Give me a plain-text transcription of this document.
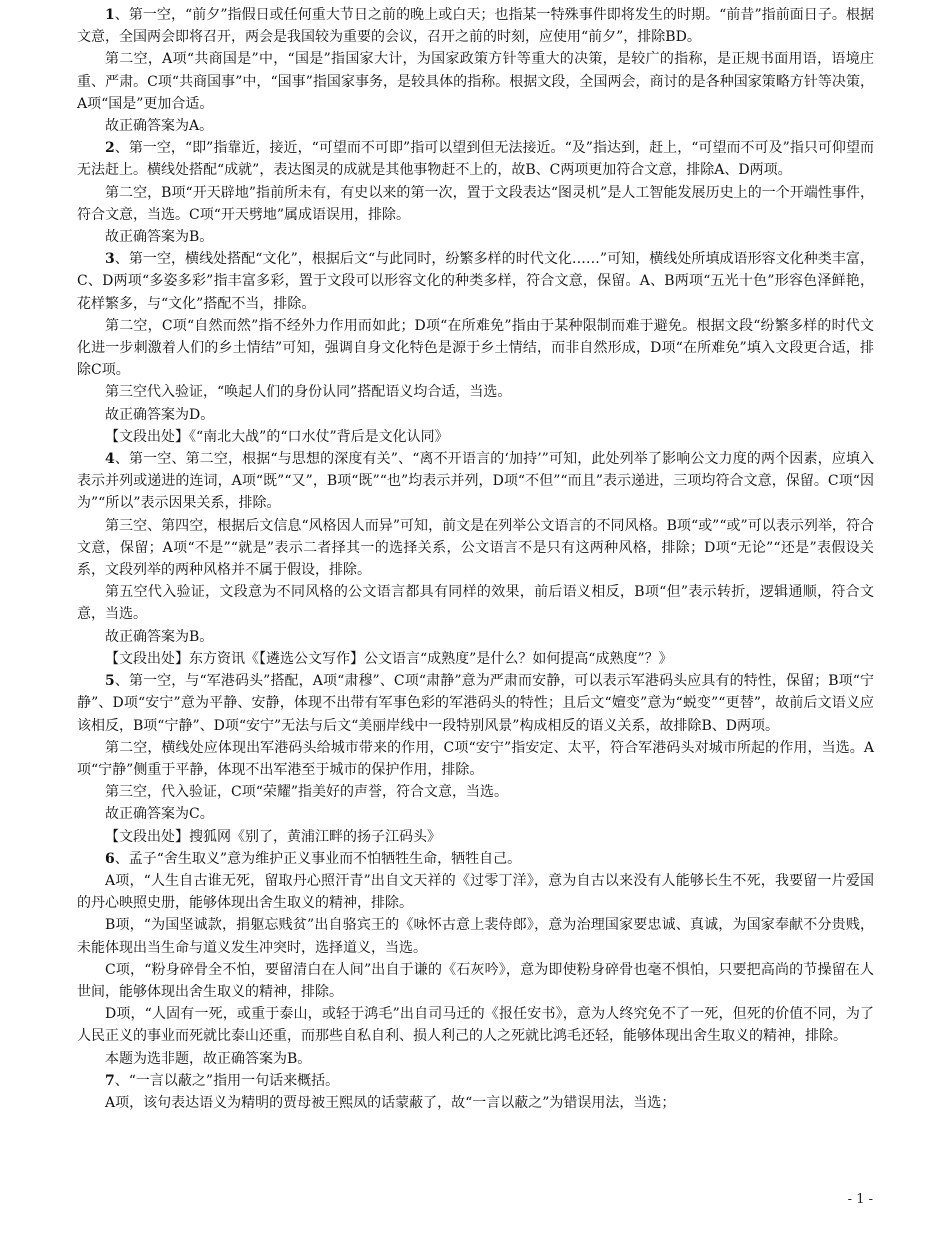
1、第一空，“前夕”指假日或任何重大节日之前的晚上或白天；也指某一特殊事件即将发生的时期。“前昔”指前面日子。根据文意，全国两会即将召开，两会是我国较为重要的会议，召开之前的时刻，应使用“前夕”，排除BD。

第二空，A项“共商国是”中，“国是”指国家大计，为国家政策方针等重大的决策，是较广的指称，是正规书面用语，语境庄重、严肃。C项“共商国事”中，“国事”指国家事务，是较具体的指称。根据文段，全国两会，商讨的是各种国家策略方针等决策，A项“国是”更加合适。

故正确答案为A。

2、第一空，“即”指靠近，接近，“可望而不可即”指可以望到但无法接近。“及”指达到，赶上，“可望而不可及”指只可仰望而无法赶上。横线处搭配“成就”，表达图灵的成就是其他事物赶不上的，故B、C两项更加符合文意，排除A、D两项。

第二空，B项“开天辟地”指前所未有，有史以来的第一次，置于文段表达“图灵机”是人工智能发展历史上的一个开端性事件，符合文意，当选。C项“开天劈地”属成语误用，排除。

故正确答案为B。

3、第一空，横线处搭配“文化”，根据后文“与此同时，纷繁多样的时代文化……”可知，横线处所填成语形容文化种类丰富，C、D两项“多姿多彩”指丰富多彩，置于文段可以形容文化的种类多样，符合文意，保留。A、B两项“五光十色”形容色泽鲜艳，花样繁多，与“文化”搭配不当，排除。

第二空，C项“自然而然”指不经外力作用而如此；D项“在所难免”指由于某种限制而难于避免。根据文段“纷繁多样的时代文化进一步刺激着人们的乡土情结”可知，强调自身文化特色是源于乡土情结，而非自然形成，D项“在所难免”填入文段更合适，排除C项。

第三空代入验证，“唤起人们的身份认同”搭配语义均合适，当选。

故正确答案为D。

【文段出处】《“南北大战”的“口水仗”背后是文化认同》

4、第一空、第二空，根据“与思想的深度有关”、“离不开语言的‘加持’”可知，此处列举了影响公文力度的两个因素，应填入表示并列或递进的连词，A项“既”“又”，B项“既”“也”均表示并列，D项“不但”“而且”表示递进，三项均符合文意，保留。C项“因为”“所以”表示因果关系，排除。

第三空、第四空，根据后文信息“风格因人而异”可知，前文是在列举公文语言的不同风格。B项“或”“或”可以表示列举，符合文意，保留；A项“不是”“就是”表示二者择其一的选择关系，公文语言不是只有这两种风格，排除；D项“无论”“还是”表假设关系，文段列举的两种风格并不属于假设，排除。

第五空代入验证，文段意为不同风格的公文语言都具有同样的效果，前后语义相反，B项“但”表示转折，逻辑通顺，符合文意，当选。

故正确答案为B。

【文段出处】东方资讯《【遴选公文写作】公文语言“成熟度”是什么？如何提高“成熟度”？》

5、第一空，与“军港码头”搭配，A项“肃穆”、C项“肃静”意为严肃而安静，可以表示军港码头应具有的特性，保留；B项“宁静”、D项“安宁”意为平静、安静，体现不出带有军事色彩的军港码头的特性；且后文“嬗变”意为“蜕变”“更替”，故前后文语义应该相反，B项“宁静”、D项“安宁”无法与后文“美丽岸线中一段特别风景”构成相反的语义关系，故排除B、D两项。

第二空，横线处应体现出军港码头给城市带来的作用，C项“安宁”指安定、太平，符合军港码头对城市所起的作用，当选。A项“宁静”侧重于平静，体现不出军港至于城市的保护作用，排除。

第三空，代入验证，C项“荣耀”指美好的声誉，符合文意，当选。

故正确答案为C。

【文段出处】搜狐网《别了，黄浦江畔的扬子江码头》

6、孟子“舍生取义”意为维护正义事业而不怕牺牲生命，牺牲自己。

A项，“人生自古谁无死，留取丹心照汗青”出自文天祥的《过零丁洋》，意为自古以来没有人能够长生不死，我要留一片爱国的丹心映照史册，能够体现出舍生取义的精神，排除。

B项，“为国坚诚款，捐躯忘贱贫”出自骆宾王的《咏怀古意上裴侍郎》，意为治理国家要忠诚、真诚，为国家奉献不分贵贱，未能体现出当生命与道义发生冲突时，选择道义，当选。

C项，“粉身碎骨全不怕，要留清白在人间”出自于谦的《石灰吟》，意为即使粉身碎骨也毫不惧怕，只要把高尚的节操留在人世间，能够体现出舍生取义的精神，排除。

D项，“人固有一死，或重于泰山，或轻于鸿毛”出自司马迁的《报任安书》，意为人终究免不了一死，但死的价值不同，为了人民正义的事业而死就比泰山还重，而那些自私自利、损人利己的人之死就比鸿毛还轻，能够体现出舍生取义的精神，排除。

本题为选非题，故正确答案为B。

7、“一言以蔽之”指用一句话来概括。

A项，该句表达语义为精明的贾母被王熙凤的话蒙蔽了，故“一言以蔽之”为错误用法，当选；

- 1 -
